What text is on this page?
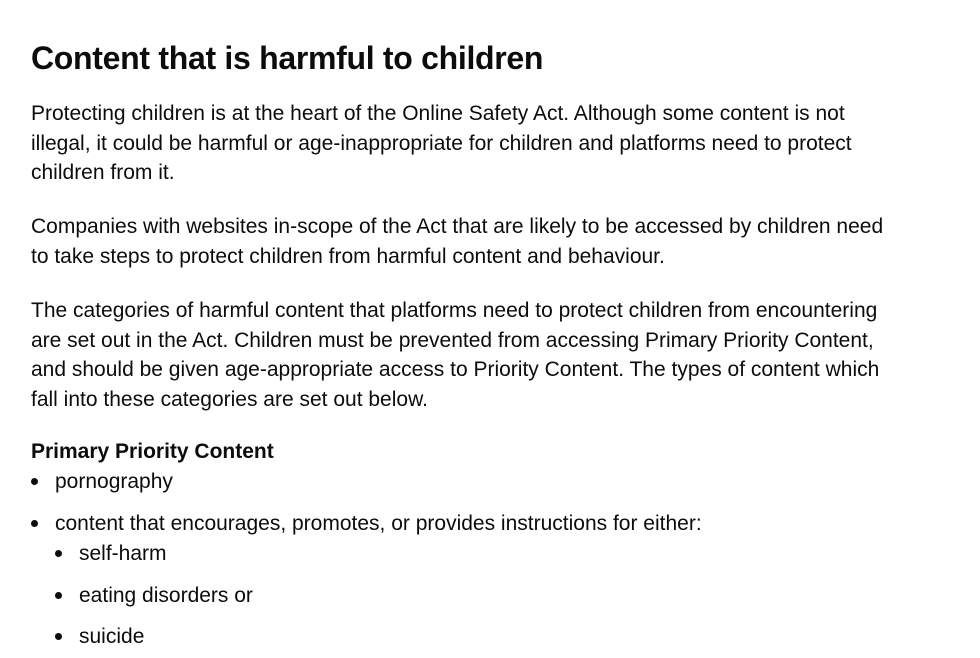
Content that is harmful to children

Protecting children is at the heart of the Online Safety Act. Although some content is not illegal, it could be harmful or age-inappropriate for children and platforms need to protect children from it.

Companies with websites in-scope of the Act that are likely to be accessed by children need to take steps to protect children from harmful content and behaviour.

The categories of harmful content that platforms need to protect children from encountering are set out in the Act. Children must be prevented from accessing Primary Priority Content, and should be given age-appropriate access to Priority Content. The types of content which fall into these categories are set out below.

Primary Priority Content
pornography
content that encourages, promotes, or provides instructions for either:
self-harm
eating disorders or
suicide
